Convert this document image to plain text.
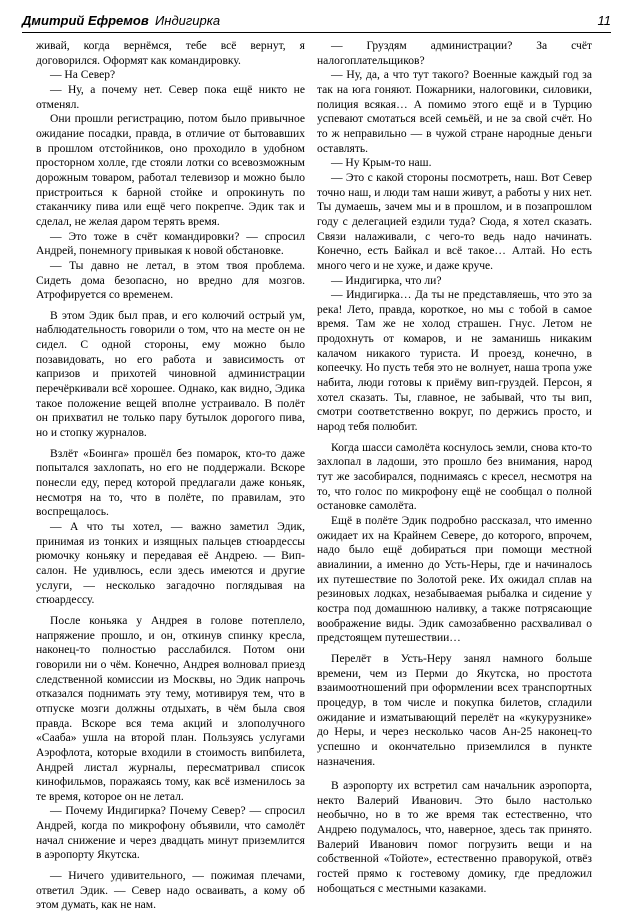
Дмитрий Ефремов Индигирка	11

живай, когда вернёмся, тебе всё вернут, я договорился. Оформят как командировку.

— На Север?

— Ну, а почему нет. Север пока ещё никто не отменял.

Они прошли регистрацию, потом было привычное ожидание посадки, правда, в отличие от бытовавших в прошлом отстойников, оно проходило в удобном просторном холле, где стояли лотки со всевозможным дорожным товаром, работал телевизор и можно было пристроиться к барной стойке и опрокинуть по стаканчику пива или ещё чего покрепче. Эдик так и сделал, не желая даром терять время.

— Это тоже в счёт командировки? — спросил Андрей, понемногу привыкая к новой обстановке.

— Ты давно не летал, в этом твоя проблема. Сидеть дома безопасно, но вредно для мозгов. Атрофируется со временем.

В этом Эдик был прав, и его колючий острый ум, наблюдательность говорили о том, что на месте он не сидел. С одной стороны, ему можно было позавидовать, но его работа и зависимость от капризов и прихотей чиновной администрации перечёркивали всё хорошее. Однако, как видно, Эдика такое положение вещей вполне устраивало. В полёт он прихватил не только пару бутылок дорогого пива, но и стопку журналов.

Взлёт «Боинга» прошёл без помарок, кто-то даже попытался захлопать, но его не поддержали. Вскоре понесли еду, перед которой предлагали даже коньяк, несмотря на то, что в полёте, по правилам, это воспрещалось.

— А что ты хотел, — важно заметил Эдик, принимая из тонких и изящных пальцев стюардессы рюмочку коньяку и передавая её Андрею. — Вип-салон. Не удивлюсь, если здесь имеются и другие услуги, — несколько загадочно поглядывая на стюардессу.

После коньяка у Андрея в голове потеплело, напряжение прошло, и он, откинув спинку кресла, наконец-то полностью расслабился. Потом они говорили ни о чём. Конечно, Андрея волновал приезд следственной комиссии из Москвы, но Эдик напрочь отказался поднимать эту тему, мотивируя тем, что в отпуске мозги должны отдыхать, в чём была своя правда. Вскоре вся тема акций и злополучного «Сааба» ушла на второй план. Пользуясь услугами Аэрофлота, которые входили в стоимость випбилета, Андрей листал журналы, пересматривал список кинофильмов, поражаясь тому, как всё изменилось за те время, которое он не летал.

— Почему Индигирка? Почему Север? — спросил Андрей, когда по микрофону объявили, что самолёт начал снижение и через двадцать минут приземлится в аэропорту Якутска.

— Ничего удивительного, — пожимая плечами, ответил Эдик. — Север надо осваивать, а кому об этом думать, как не нам.

— Груздям администрации? За счёт налогоплательщиков?

— Ну, да, а что тут такого? Военные каждый год за так на юга гоняют. Пожарники, налоговики, силовики, полиция всякая… А помимо этого ещё и в Турцию успевают смотаться всей семьёй, и не за свой счёт. Но то ж неправильно — в чужой стране народные деньги оставлять.

— Ну Крым-то наш.

— Это с какой стороны посмотреть, наш. Вот Север точно наш, и люди там наши живут, а работы у них нет. Ты думаешь, зачем мы и в прошлом, и в позапрошлом году с делегацией ездили туда? Сюда, я хотел сказать. Связи налаживали, с чего-то ведь надо начинать. Конечно, есть Байкал и всё такое… Алтай. Но есть много чего и не хуже, и даже круче.

— Индигирка, что ли?

— Индигирка… Да ты не представляешь, что это за река! Лето, правда, короткое, но мы с тобой в самое время. Там же не холод страшен. Гнус. Летом не продохнуть от комаров, и не заманишь никаким калачом никакого туриста. И проезд, конечно, в копеечку. Но пусть тебя это не волнует, наша тропа уже набита, люди готовы к приёму вип-груздей. Персон, я хотел сказать. Ты, главное, не забывай, что ты вип, смотри соответственно вокруг, по держись просто, и народ тебя полюбит.

Когда шасси самолёта коснулось земли, снова кто-то захлопал в ладоши, это прошло без внимания, народ тут же засобирался, поднимаясь с кресел, несмотря на то, что голос по микрофону ещё не сообщал о полной остановке самолёта.

Ещё в полёте Эдик подробно рассказал, что именно ожидает их на Крайнем Севере, до которого, впрочем, надо было ещё добираться при помощи местной авиалинии, а именно до Усть-Неры, где и начиналось их путешествие по Золотой реке. Их ожидал сплав на резиновых лодках, незабываемая рыбалка и сидение у костра под домашнюю наливку, а также потрясающие воображение виды. Эдик самозабвенно расхваливал о предстоящем путешествии…

Перелёт в Усть-Неру занял намного больше времени, чем из Перми до Якутска, но простота взаимоотношений при оформлении всех транспортных процедур, в том числе и покупка билетов, сгладили ожидание и изматывающий перелёт на «кукурузнике» до Неры, и через несколько часов Ан-25 наконец-то успешно и окончательно приземлился в пункте назначения.

В аэропорту их встретил сам начальник аэропорта, некто Валерий Иванович. Это было настолько необычно, но в то же время так естественно, что Андрею подумалось, что, наверное, здесь так принято. Валерий Иванович помог погрузить вещи и на собственной «Тойоте», естественно праворукой, отвёз гостей прямо к гостевому домику, где предложил нобощаться с местными казаками.
